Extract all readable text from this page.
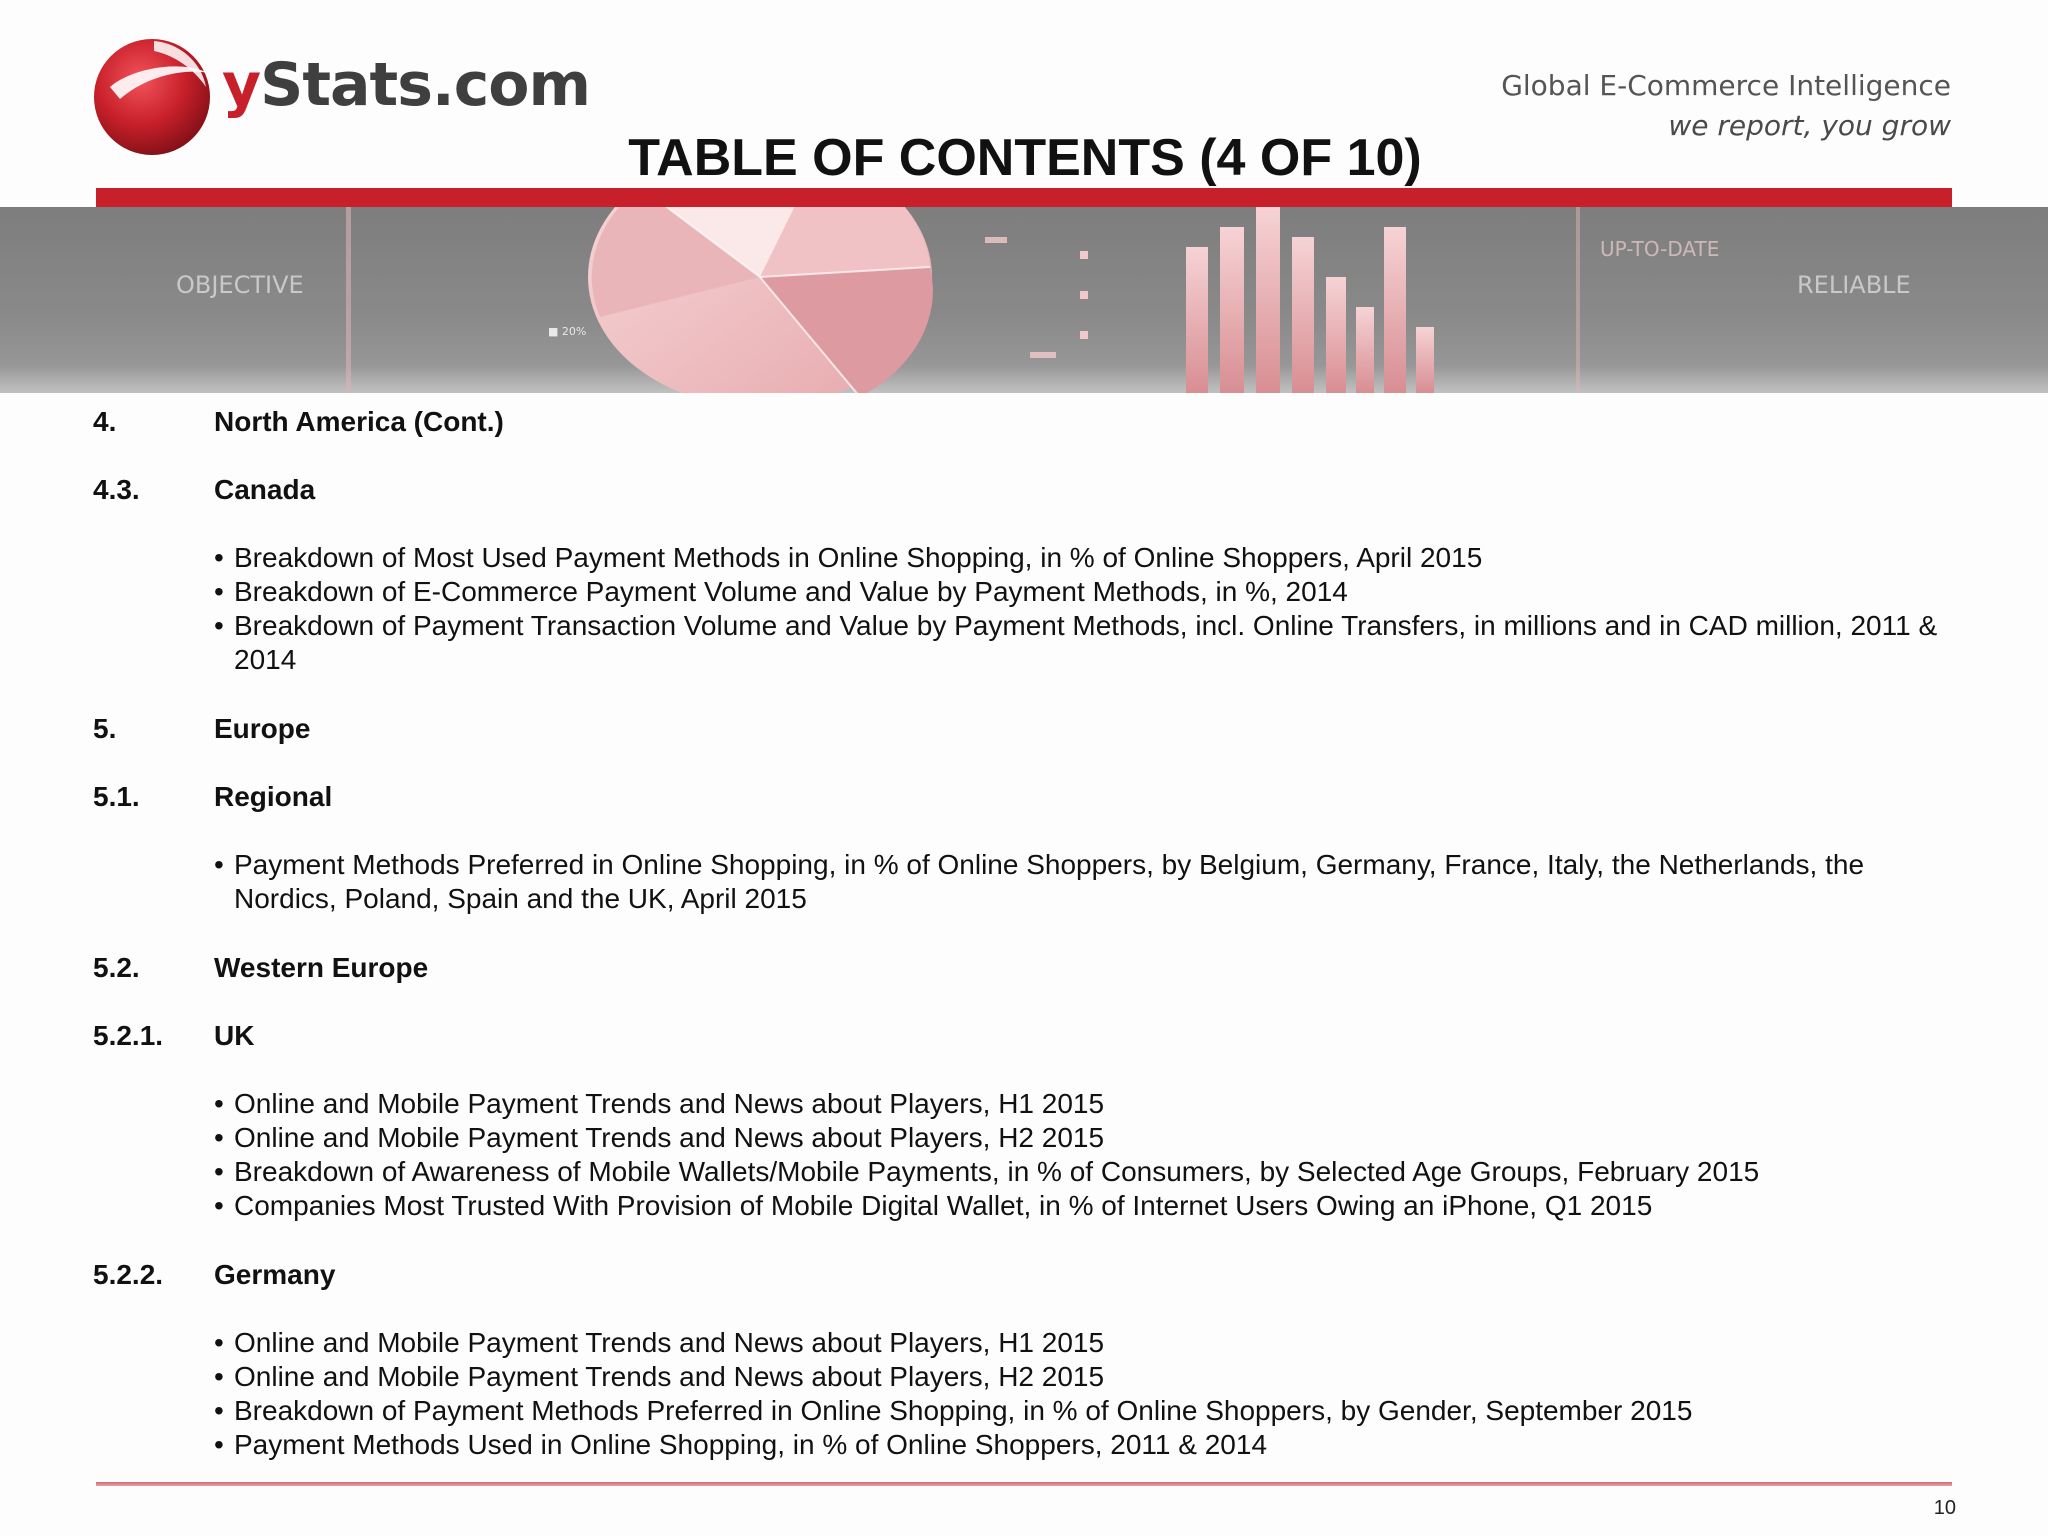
yStats.com	Global E-Commerce Intelligence
we report, you grow
TABLE OF CONTENTS (4 OF 10)
OBJECTIVE
UP-TO-DATE
RELIABLE
■ 20%
4.	North America (Cont.)
4.3.	Canada
• Breakdown of Most Used Payment Methods in Online Shopping, in % of Online Shoppers, April 2015
• Breakdown of E-Commerce Payment Volume and Value by Payment Methods, in %, 2014
• Breakdown of Payment Transaction Volume and Value by Payment Methods, incl. Online Transfers, in millions and in CAD million, 2011 & 2014
5.	Europe
5.1.	Regional
• Payment Methods Preferred in Online Shopping, in % of Online Shoppers, by Belgium, Germany, France, Italy, the Netherlands, the Nordics, Poland, Spain and the UK, April 2015
5.2.	Western Europe
5.2.1. UK
• Online and Mobile Payment Trends and News about Players, H1 2015
• Online and Mobile Payment Trends and News about Players, H2 2015
• Breakdown of Awareness of Mobile Wallets/Mobile Payments, in % of Consumers, by Selected Age Groups, February 2015
• Companies Most Trusted With Provision of Mobile Digital Wallet, in % of Internet Users Owing an iPhone, Q1 2015
5.2.2. Germany
• Online and Mobile Payment Trends and News about Players, H1 2015
• Online and Mobile Payment Trends and News about Players, H2 2015
• Breakdown of Payment Methods Preferred in Online Shopping, in % of Online Shoppers, by Gender, September 2015
• Payment Methods Used in Online Shopping, in % of Online Shoppers, 2011 & 2014
10
